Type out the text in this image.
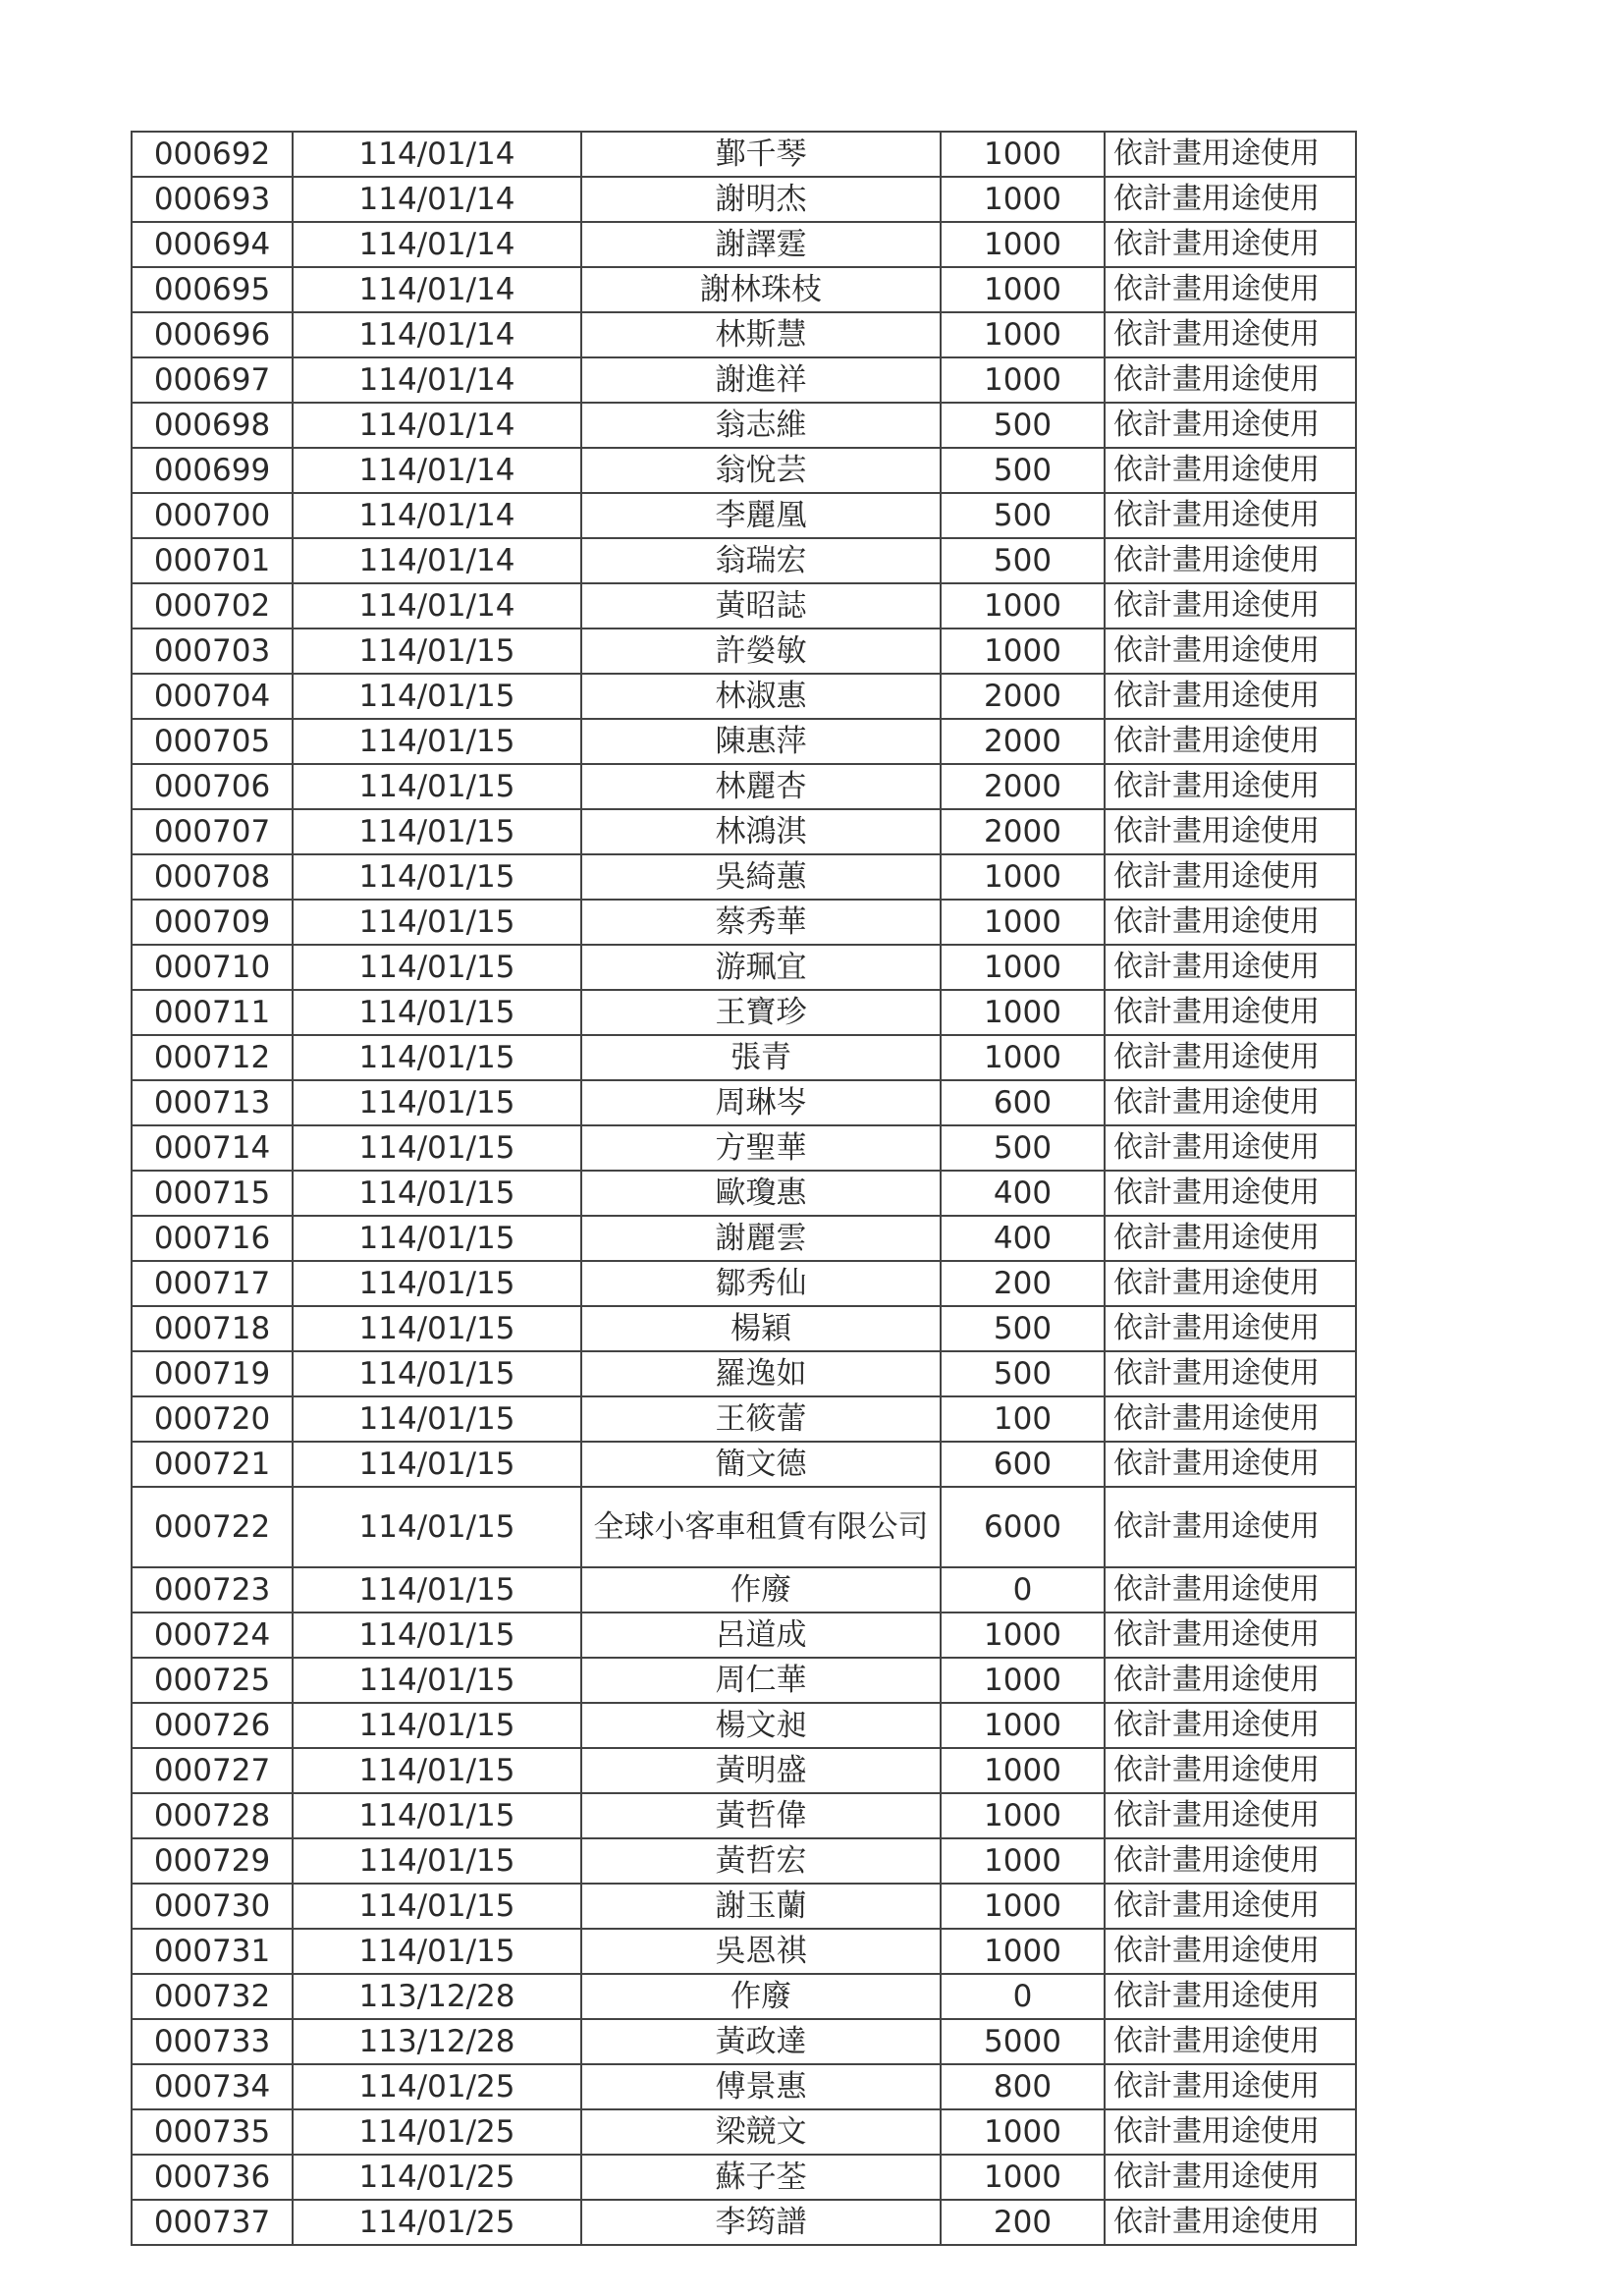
000692	114/01/14	鄞千琴	1000	依計畫用途使用
000693	114/01/14	謝明杰	1000	依計畫用途使用
000694	114/01/14	謝譯霆	1000	依計畫用途使用
000695	114/01/14	謝林珠枝	1000	依計畫用途使用
000696	114/01/14	林斯慧	1000	依計畫用途使用
000697	114/01/14	謝進祥	1000	依計畫用途使用
000698	114/01/14	翁志維	500	依計畫用途使用
000699	114/01/14	翁悅芸	500	依計畫用途使用
000700	114/01/14	李麗凰	500	依計畫用途使用
000701	114/01/14	翁瑞宏	500	依計畫用途使用
000702	114/01/14	黃昭誌	1000	依計畫用途使用
000703	114/01/15	許嫈敏	1000	依計畫用途使用
000704	114/01/15	林淑惠	2000	依計畫用途使用
000705	114/01/15	陳惠萍	2000	依計畫用途使用
000706	114/01/15	林麗杏	2000	依計畫用途使用
000707	114/01/15	林鴻淇	2000	依計畫用途使用
000708	114/01/15	吳綺蕙	1000	依計畫用途使用
000709	114/01/15	蔡秀華	1000	依計畫用途使用
000710	114/01/15	游珮宜	1000	依計畫用途使用
000711	114/01/15	王寶珍	1000	依計畫用途使用
000712	114/01/15	張青	1000	依計畫用途使用
000713	114/01/15	周琳岑	600	依計畫用途使用
000714	114/01/15	方聖華	500	依計畫用途使用
000715	114/01/15	歐瓊惠	400	依計畫用途使用
000716	114/01/15	謝麗雲	400	依計畫用途使用
000717	114/01/15	鄒秀仙	200	依計畫用途使用
000718	114/01/15	楊穎	500	依計畫用途使用
000719	114/01/15	羅逸如	500	依計畫用途使用
000720	114/01/15	王筱蕾	100	依計畫用途使用
000721	114/01/15	簡文德	600	依計畫用途使用
000722	114/01/15	全球小客車租賃有限公司	6000	依計畫用途使用
000723	114/01/15	作廢	0	依計畫用途使用
000724	114/01/15	呂道成	1000	依計畫用途使用
000725	114/01/15	周仁華	1000	依計畫用途使用
000726	114/01/15	楊文昶	1000	依計畫用途使用
000727	114/01/15	黃明盛	1000	依計畫用途使用
000728	114/01/15	黃哲偉	1000	依計畫用途使用
000729	114/01/15	黃哲宏	1000	依計畫用途使用
000730	114/01/15	謝玉蘭	1000	依計畫用途使用
000731	114/01/15	吳恩祺	1000	依計畫用途使用
000732	113/12/28	作廢	0	依計畫用途使用
000733	113/12/28	黃政達	5000	依計畫用途使用
000734	114/01/25	傅景惠	800	依計畫用途使用
000735	114/01/25	梁競文	1000	依計畫用途使用
000736	114/01/25	蘇子荃	1000	依計畫用途使用
000737	114/01/25	李筠譜	200	依計畫用途使用
